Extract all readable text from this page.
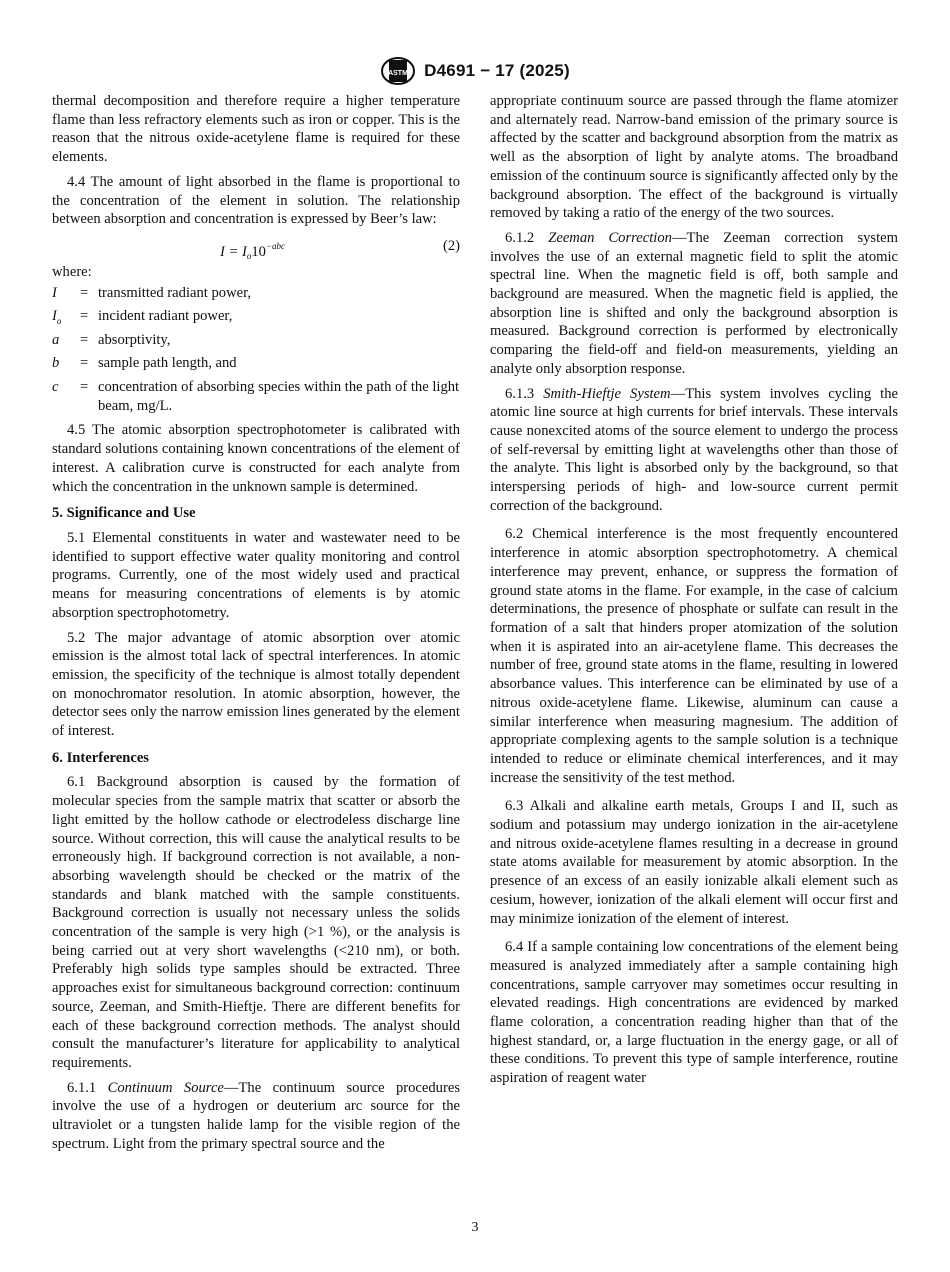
ASTM D4691 − 17 (2025)

thermal decomposition and therefore require a higher temperature flame than less refractory elements such as iron or copper. This is the reason that the nitrous oxide-acetylene flame is required for these elements.

4.4 The amount of light absorbed in the flame is proportional to the concentration of the element in solution. The relationship between absorption and concentration is expressed by Beer’s law:

$I = I_o10^{-abc}$	(2)

where:

I	=	transmitted radiant power,
$I_o$	=	incident radiant power,
a	=	absorptivity,
b	=	sample path length, and
c	=	concentration of absorbing species within the path of the light beam, mg/L.

4.5 The atomic absorption spectrophotometer is calibrated with standard solutions containing known concentrations of the element of interest. A calibration curve is constructed for each analyte from which the concentration in the unknown sample is determined.

5. Significance and Use

5.1 Elemental constituents in water and wastewater need to be identified to support effective water quality monitoring and control programs. Currently, one of the most widely used and practical means for measuring concentrations of elements is by atomic absorption spectrophotometry.

5.2 The major advantage of atomic absorption over atomic emission is the almost total lack of spectral interferences. In atomic emission, the specificity of the technique is almost totally dependent on monochromator resolution. In atomic absorption, however, the detector sees only the narrow emission lines generated by the element of interest.

6. Interferences

6.1 Background absorption is caused by the formation of molecular species from the sample matrix that scatter or absorb the light emitted by the hollow cathode or electrodeless discharge line source. Without correction, this will cause the analytical results to be erroneously high. If background correction is not available, a non-absorbing wavelength should be checked or the matrix of the standards and blank matched with the sample constituents. Background correction is usually not necessary unless the solids concentration of the sample is very high (>1 %), or the analysis is being carried out at very short wavelengths (<210 nm), or both. Preferably high solids type samples should be extracted. Three approaches exist for simultaneous background correction: continuum source, Zeeman, and Smith-Hieftje. There are different benefits for each of these background correction methods. The analyst should consult the manufacturer’s literature for applicability to analytical requirements.

6.1.1 Continuum Source—The continuum source procedures involve the use of a hydrogen or deuterium arc source for the ultraviolet or a tungsten halide lamp for the visible region of the spectrum. Light from the primary spectral source and the

appropriate continuum source are passed through the flame atomizer and alternately read. Narrow-band emission of the primary source is affected by the scatter and background absorption from the matrix as well as the absorption of light by analyte atoms. The broadband emission of the continuum source is significantly affected only by the background absorption. The effect of the background is virtually removed by taking a ratio of the energy of the two sources.

6.1.2 Zeeman Correction—The Zeeman correction system involves the use of an external magnetic field to split the atomic spectral line. When the magnetic field is off, both sample and background are measured. When the magnetic field is applied, the absorption line is shifted and only the background absorption is measured. Background correction is performed by electronically comparing the field-off and field-on measurements, yielding an analyte only absorption response.

6.1.3 Smith-Hieftje System—This system involves cycling the atomic line source at high currents for brief intervals. These intervals cause nonexcited atoms of the source element to undergo the process of self-reversal by emitting light at wavelengths other than those of the analyte. This light is absorbed only by the background, so that interspersing periods of high- and low-source current permit correction of the background.

6.2 Chemical interference is the most frequently encountered interference in atomic absorption spectrophotometry. A chemical interference may prevent, enhance, or suppress the formation of ground state atoms in the flame. For example, in the case of calcium determinations, the presence of phosphate or sulfate can result in the formation of a salt that hinders proper atomization of the solution when it is aspirated into an air-acetylene flame. This decreases the number of free, ground state atoms in the flame, resulting in lowered absorbance values. This interference can be eliminated by use of a nitrous oxide-acetylene flame. Likewise, aluminum can cause a similar interference when measuring magnesium. The addition of appropriate complexing agents to the sample solution is a technique intended to reduce or eliminate chemical interferences, and it may increase the sensitivity of the test method.

6.3 Alkali and alkaline earth metals, Groups I and II, such as sodium and potassium may undergo ionization in the air-acetylene and nitrous oxide-acetylene flames resulting in a decrease in ground state atoms available for measurement by atomic absorption. In the presence of an excess of an easily ionizable alkali element such as cesium, however, ionization of the alkali element will occur first and may minimize ionization of the element of interest.

6.4 If a sample containing low concentrations of the element being measured is analyzed immediately after a sample containing high concentrations, sample carryover may sometimes occur resulting in elevated readings. High concentrations are evidenced by marked flame coloration, a concentration reading higher than that of the highest standard, or, a large fluctuation in the energy gage, or all of these conditions. To prevent this type of sample interference, routine aspiration of reagent water

3
